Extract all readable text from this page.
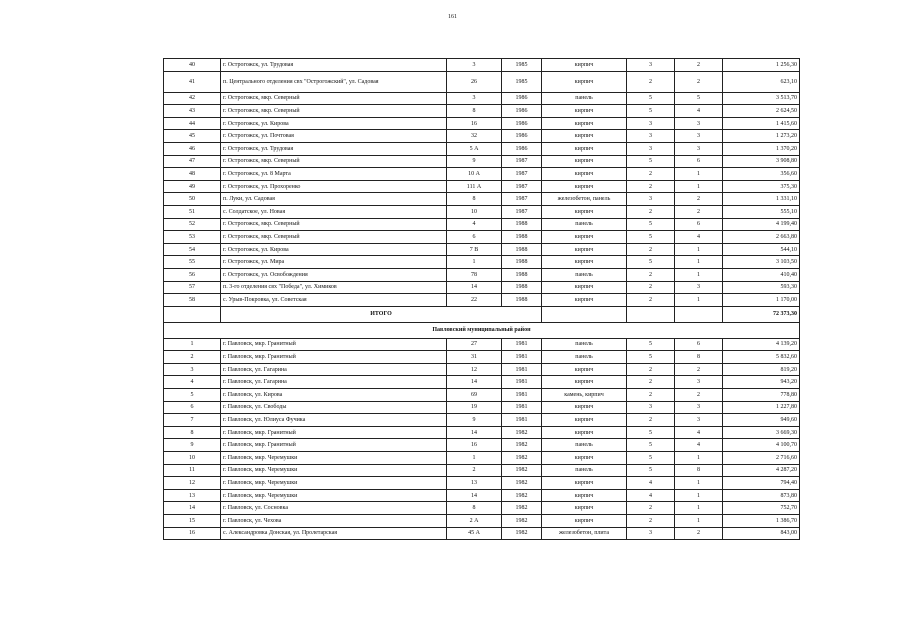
161
40	г. Острогожск, ул. Трудовая	3	1985	кирпич	3	2	1 256,30
41	п. Центрального отделения свх "Острогожский", ул. Садовая	26	1985	кирпич	2	2	623,10
42	г. Острогожск, мкр. Северный	3	1986	панель	5	5	3 513,70
43	г. Острогожск, мкр. Северный	8	1986	кирпич	5	4	2 624,50
44	г. Острогожск, ул. Кирова	16	1986	кирпич	3	3	1 415,60
45	г. Острогожск, ул. Почтовая	32	1986	кирпич	3	3	1 273,20
46	г. Острогожск, ул. Трудовая	5 А	1986	кирпич	3	3	1 370,20
47	г. Острогожск, мкр. Северный	9	1987	кирпич	5	6	3 908,80
48	г. Острогожск, ул. 8 Марта	10 А	1987	кирпич	2	1	356,60
49	г. Острогожск, ул. Прохоренко	111 А	1987	кирпич	2	1	375,30
50	п. Луки, ул. Садовая	8	1987	железобетон, панель	3	2	1 331,10
51	с. Солдатское, ул. Новая	10	1987	кирпич	2	2	555,10
52	г. Острогожск, мкр. Северный	4	1988	панель	5	6	4 199,40
53	г. Острогожск, мкр. Северный	6	1988	кирпич	5	4	2 663,80
54	г. Острогожск, ул. Кирова	7 В	1988	кирпич	2	1	544,10
55	г. Острогожск, ул. Мира	1	1988	кирпич	5	1	3 103,50
56	г. Острогожск, ул. Освобождения	78	1988	панель	2	1	410,40
57	п. 3-го отделения свх "Победа", ул. Химиков	14	1988	кирпич	2	3	593,30
58	с. Урыв-Покровка, ул. Советская	22	1988	кирпич	2	1	1 170,00
	ИТОГО						72 373,30
Павловский муниципальный район							
1	г. Павловск, мкр. Гранитный	27	1981	панель	5	6	4 139,20
2	г. Павловск, мкр. Гранитный	31	1981	панель	5	8	5 832,60
3	г. Павловск, ул. Гагарина	12	1981	кирпич	2	2	819,20
4	г. Павловск, ул. Гагарина	14	1981	кирпич	2	3	943,20
5	г. Павловск, ул. Кирова	69	1981	камень, кирпич	2	2	778,80
6	г. Павловск, ул. Свободы	19	1981	кирпич	3	3	1 227,80
7	г. Павловск, ул. Юлиуса Фучика	9	1981	кирпич	2	3	949,60
8	г. Павловск, мкр. Гранитный	14	1982	кирпич	5	4	3 669,30
9	г. Павловск, мкр. Гранитный	16	1982	панель	5	4	4 100,70
10	г. Павловск, мкр. Черемушки	1	1982	кирпич	5	1	2 716,60
11	г. Павловск, мкр. Черемушки	2	1982	панель	5	8	4 287,20
12	г. Павловск, мкр. Черемушки	13	1982	кирпич	4	1	794,40
13	г. Павловск, мкр. Черемушки	14	1982	кирпич	4	1	873,80
14	г. Павловск, ул. Сосновка	8	1982	кирпич	2	1	752,70
15	г. Павловск, ул. Чехова	2 А	1982	кирпич	2	1	1 386,70
16	с. Александровка Донская, ул. Пролетарская	45 А	1982	железобетон, плита	3	2	843,00
